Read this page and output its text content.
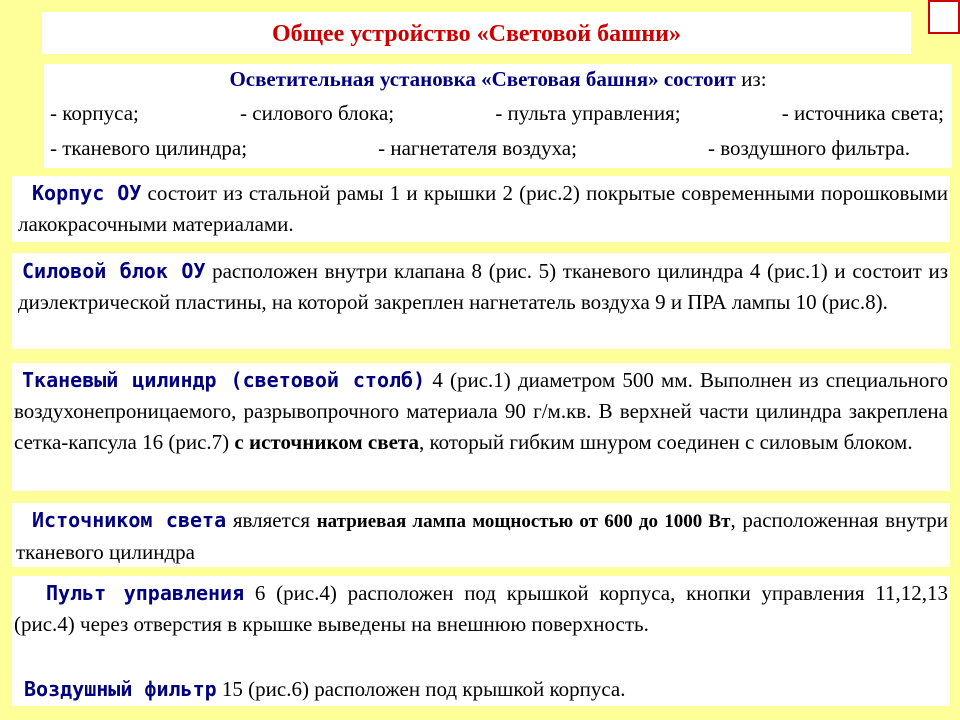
Общее устройство «Световой башни»
Осветительная установка «Световая башня» состоит из:
- корпуса;	- силового блока;	- пульта управления;	- источника света;
- тканевого цилиндра;	- нагнетателя воздуха;	- воздушного фильтра.
Корпус ОУ состоит из стальной рамы 1 и крышки 2 (рис.2) покрытые современными порошковыми лакокрасочными материалами.
Силовой блок ОУ расположен внутри клапана 8 (рис. 5) тканевого цилиндра 4 (рис.1) и состоит из диэлектрической пластины, на которой закреплен нагнетатель воздуха 9 и ПРА лампы 10 (рис.8).
Тканевый цилиндр (световой столб) 4 (рис.1) диаметром 500 мм. Выполнен из специального воздухонепроницаемого, разрывопрочного материала 90 г/м.кв. В верхней части цилиндра закреплена сетка-капсула 16 (рис.7) с источником света, который гибким шнуром соединен с силовым блоком.
Источником света является натриевая лампа мощностью от 600 до 1000 Вт, расположенная внутри тканевого цилиндра
Пульт управления 6 (рис.4) расположен под крышкой корпуса, кнопки управления 11,12,13 (рис.4) через отверстия в крышке выведены на внешнюю поверхность.
Воздушный фильтр 15 (рис.6) расположен под крышкой корпуса.
